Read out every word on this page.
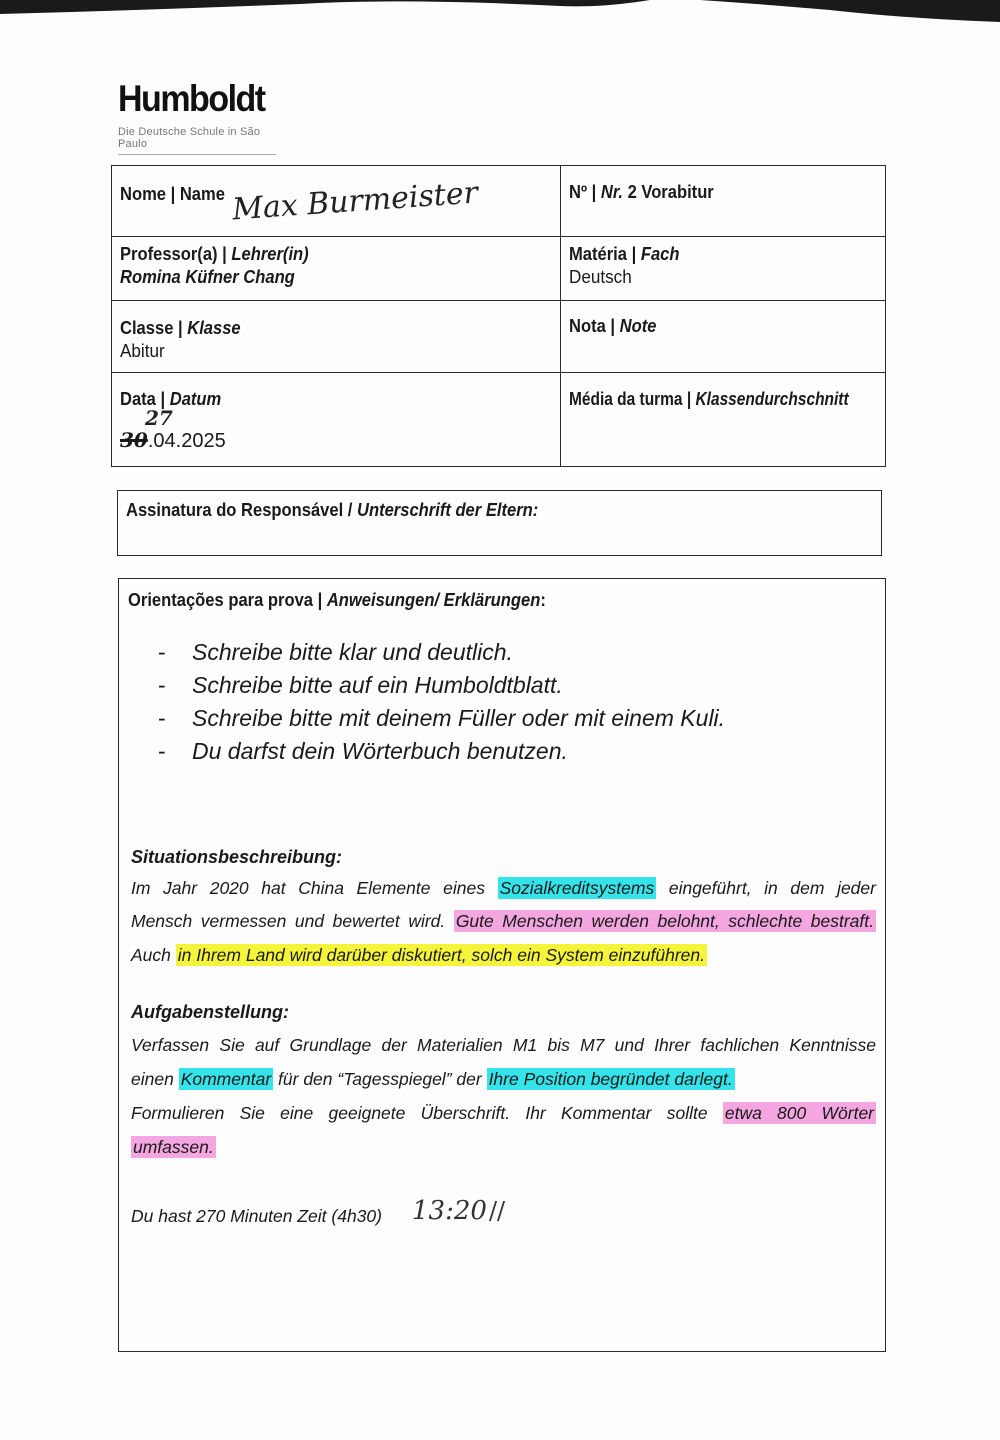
Humboldt
Die Deutsche Schule in São Paulo
Nome | Name Max Burmeister	Nº | Nr. 2 Vorabitur
Professor(a) | Lehrer(in)
Romina Küfner Chang
Matéria | Fach
Deutsch
Classe | Klasse
Abitur
Nota | Note
Data | Datum
27
30.04.2025
Média da turma | Klassendurchschnitt
Assinatura do Responsável / Unterschrift der Eltern:
Orientações para prova | Anweisungen/ Erklärungen:
- Schreibe bitte klar und deutlich.
- Schreibe bitte auf ein Humboldtblatt.
- Schreibe bitte mit deinem Füller oder mit einem Kuli.
- Du darfst dein Wörterbuch benutzen.
Situationsbeschreibung:
Im Jahr 2020 hat China Elemente eines Sozialkreditsystems eingeführt, in dem jeder
Mensch vermessen und bewertet wird. Gute Menschen werden belohnt, schlechte bestraft.
Auch in Ihrem Land wird darüber diskutiert, solch ein System einzuführen.
Aufgabenstellung:
Verfassen Sie auf Grundlage der Materialien M1 bis M7 und Ihrer fachlichen Kenntnisse
einen Kommentar für den “Tagesspiegel” der Ihre Position begründet darlegt.
Formulieren Sie eine geeignete Überschrift. Ihr Kommentar sollte etwa 800 Wörter
umfassen.
Du hast 270 Minuten Zeit (4h30) 13:20//
